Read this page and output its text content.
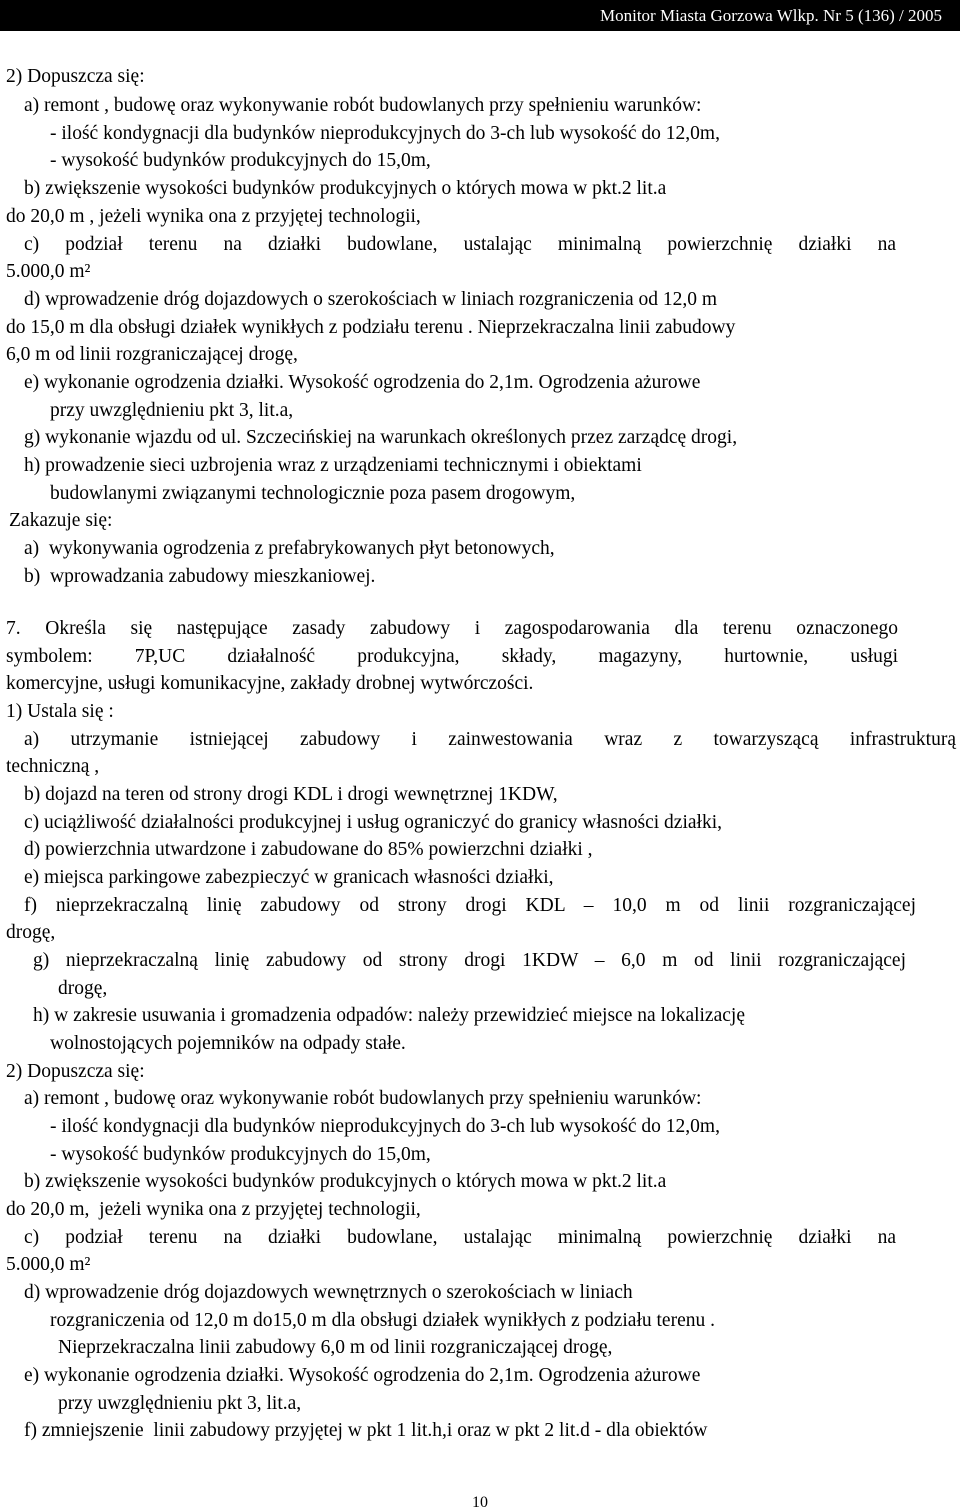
Monitor Miasta Gorzowa Wlkp. Nr 5 (136) / 2005
2) Dopuszcza się:
a) remont , budowę oraz wykonywanie robót budowlanych przy spełnieniu warunków:
- ilość kondygnacji dla budynków nieprodukcyjnych do 3-ch lub wysokość do 12,0m,
- wysokość budynków produkcyjnych do 15,0m,
b) zwiększenie wysokości budynków produkcyjnych o których mowa w pkt.2 lit.a
do 20,0 m , jeżeli wynika ona z przyjętej technologii,
c) podział terenu na działki budowlane, ustalając minimalną powierzchnię działki na
5.000,0 m²
d) wprowadzenie dróg dojazdowych o szerokościach w liniach rozgraniczenia od 12,0 m
do 15,0 m dla obsługi działek wynikłych z podziału terenu . Nieprzekraczalna linii zabudowy
6,0 m od linii rozgraniczającej drogę,
e) wykonanie ogrodzenia działki. Wysokość ogrodzenia do 2,1m. Ogrodzenia ażurowe
przy uwzględnieniu pkt 3, lit.a,
g) wykonanie wjazdu od ul. Szczecińskiej na warunkach określonych przez zarządcę drogi,
h) prowadzenie sieci uzbrojenia wraz z urządzeniami technicznymi i obiektami
budowlanymi związanymi technologicznie poza pasem drogowym,
Zakazuje się:
a)  wykonywania ogrodzenia z prefabrykowanych płyt betonowych,
b)  wprowadzania zabudowy mieszkaniowej.
7. Określa się następujące zasady zabudowy i zagospodarowania dla terenu oznaczonego
symbolem: 7P,UC działalność produkcyjna, składy, magazyny, hurtownie, usługi
komercyjne, usługi komunikacyjne, zakłady drobnej wytwórczości.
1) Ustala się :
a) utrzymanie istniejącej zabudowy i zainwestowania wraz z towarzyszącą infrastrukturą
techniczną ,
b) dojazd na teren od strony drogi KDL i drogi wewnętrznej 1KDW,
c) uciążliwość działalności produkcyjnej i usług ograniczyć do granicy własności działki,
d) powierzchnia utwardzone i zabudowane do 85% powierzchni działki ,
e) miejsca parkingowe zabezpieczyć w granicach własności działki,
f) nieprzekraczalną linię zabudowy od strony drogi KDL – 10,0 m od linii rozgraniczającej
drogę,
g) nieprzekraczalną linię zabudowy od strony drogi 1KDW – 6,0 m od linii rozgraniczającej
drogę,
h) w zakresie usuwania i gromadzenia odpadów: należy przewidzieć miejsce na lokalizację
wolnostojących pojemników na odpady stałe.
2) Dopuszcza się:
a) remont , budowę oraz wykonywanie robót budowlanych przy spełnieniu warunków:
- ilość kondygnacji dla budynków nieprodukcyjnych do 3-ch lub wysokość do 12,0m,
- wysokość budynków produkcyjnych do 15,0m,
b) zwiększenie wysokości budynków produkcyjnych o których mowa w pkt.2 lit.a
do 20,0 m,  jeżeli wynika ona z przyjętej technologii,
c) podział terenu na działki budowlane, ustalając minimalną powierzchnię działki na
5.000,0 m²
d) wprowadzenie dróg dojazdowych wewnętrznych o szerokościach w liniach
rozgraniczenia od 12,0 m do15,0 m dla obsługi działek wynikłych z podziału terenu .
Nieprzekraczalna linii zabudowy 6,0 m od linii rozgraniczającej drogę,
e) wykonanie ogrodzenia działki. Wysokość ogrodzenia do 2,1m. Ogrodzenia ażurowe
przy uwzględnieniu pkt 3, lit.a,
f) zmniejszenie  linii zabudowy przyjętej w pkt 1 lit.h,i oraz w pkt 2 lit.d - dla obiektów
10
